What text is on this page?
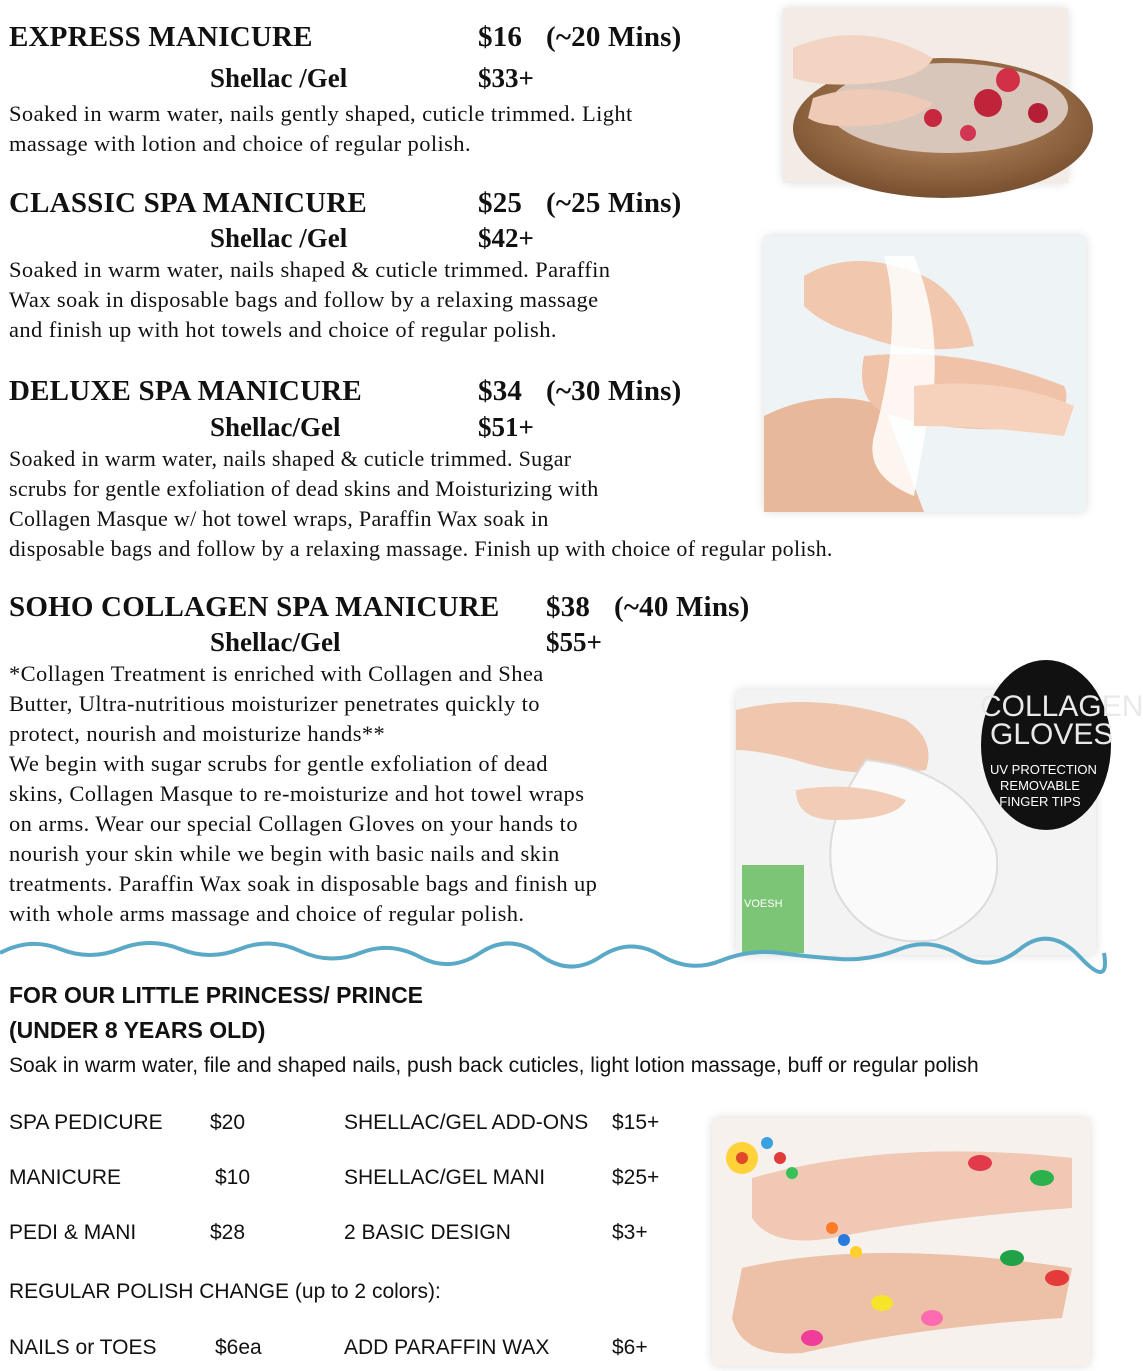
EXPRESS MANICURE	$16 (~20 Mins)
Shellac /Gel	$33+

Soaked in warm water, nails gently shaped, cuticle trimmed. Light
massage with lotion and choice of regular polish.

CLASSIC SPA MANICURE	$25 (~25 Mins)
Shellac /Gel	$42+

Soaked in warm water, nails shaped & cuticle trimmed. Paraffin
Wax soak in disposable bags and follow by a relaxing massage
and finish up with hot towels and choice of regular polish.

DELUXE SPA MANICURE	$34 (~30 Mins)
Shellac/Gel	$51+

Soaked in warm water, nails shaped & cuticle trimmed. Sugar
scrubs for gentle exfoliation of dead skins and Moisturizing with
Collagen Masque w/ hot towel wraps, Paraffin Wax soak in
disposable bags and follow by a relaxing massage. Finish up with choice of regular polish.

SOHO COLLAGEN SPA MANICURE $38 (~40 Mins)
Shellac/Gel	$55+

*Collagen Treatment is enriched with Collagen and Shea
Butter, Ultra-nutritious moisturizer penetrates quickly to
protect, nourish and moisturize hands**
We begin with sugar scrubs for gentle exfoliation of dead
skins, Collagen Masque to re-moisturize and hot towel wraps
on arms. Wear our special Collagen Gloves on your hands to
nourish your skin while we begin with basic nails and skin
treatments. Paraffin Wax soak in disposable bags and finish up
with whole arms massage and choice of regular polish.

COLLAGEN
GLOVES
UV PROTECTION
REMOVABLE
FINGER TIPS
VOESH
FOR OUR LITTLE PRINCESS/ PRINCE
(UNDER 8 YEARS OLD)
Soak in warm water, file and shaped nails, push back cuticles, light lotion massage, buff or regular polish
SPA PEDICURE $20	SHELLAC/GEL ADD-ONS $15+
MANICURE	$10	SHELLAC/GEL MANI	$25+
PEDI & MANI	$28	2 BASIC DESIGN	$3+
REGULAR POLISH CHANGE (up to 2 colors):
NAILS or TOES	$6ea	ADD PARAFFIN WAX	$6+
